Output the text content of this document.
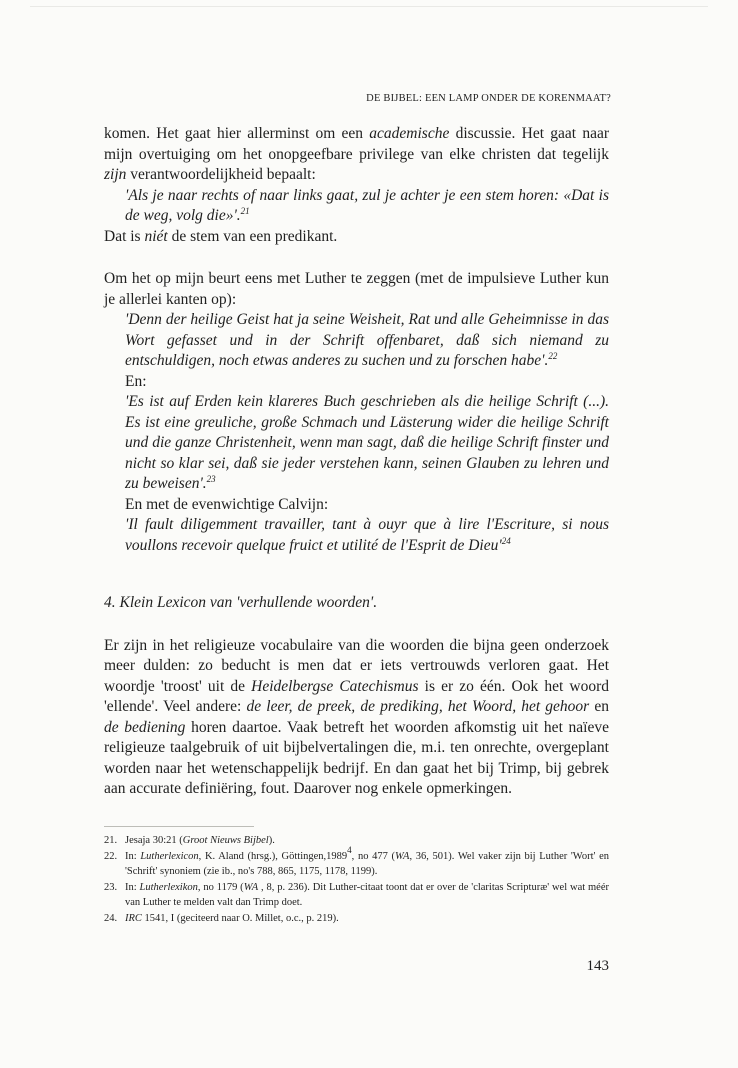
DE BIJBEL: EEN LAMP ONDER DE KORENMAAT?

komen. Het gaat hier allerminst om een academische discussie. Het gaat naar mijn overtuiging om het onopgeefbare privilege van elke christen dat tegelijk zijn verantwoordelijkheid bepaalt:

'Als je naar rechts of naar links gaat, zul je achter je een stem horen: «Dat is de weg, volg die»'.$^{21}$

Dat is niét de stem van een predikant.

Om het op mijn beurt eens met Luther te zeggen (met de impulsieve Luther kun je allerlei kanten op):

'Denn der heilige Geist hat ja seine Weisheit, Rat und alle Geheimnisse in das Wort gefasset und in der Schrift offenbaret, daß sich niemand zu entschuldigen, noch etwas anderes zu suchen und zu forschen habe'.$^{22}$

En:

'Es ist auf Erden kein klareres Buch geschrieben als die heilige Schrift (...). Es ist eine greuliche, große Schmach und Lästerung wider die heilige Schrift und die ganze Christenheit, wenn man sagt, daß die heilige Schrift finster und nicht so klar sei, daß sie jeder verstehen kann, seinen Glauben zu lehren und zu beweisen'.$^{23}$

En met de evenwichtige Calvijn:

'Il fault diligemment travailler, tant à ouyr que à lire l'Escriture, si nous voullons recevoir quelque fruict et utilité de l'Esprit de $Dieu'^{24}$

4. Klein Lexicon van 'verhullende woorden'.

Er zijn in het religieuze vocabulaire van die woorden die bijna geen onderzoek meer dulden: zo beducht is men dat er iets vertrouwds verloren gaat. Het woordje 'troost' uit de Heidelbergse Catechismus is er zo één. Ook het woord 'ellende'. Veel andere: de leer, de preek, de prediking, het Woord, het gehoor en de bediening horen daartoe. Vaak betreft het woorden afkomstig uit het naïeve religieuze taalgebruik of uit bijbelvertalingen die, m.i. ten onrechte, overgeplant worden naar het wetenschappelijk bedrijf. En dan gaat het bij Trimp, bij gebrek aan accurate definiëring, fout. Daarover nog enkele opmerkingen.

21. Jesaja 30:21 (Groot Nieuws Bijbel).
22. In: Lutherlexicon, K. Aland (hrsg.), Göttingen,1989$^4$, no 477 (WA, 36, 501). Wel vaker zijn bij Luther 'Wort' en 'Schrift' synoniem (zie ib., no's 788, 865, 1175, 1178, 1199).
23. In: Lutherlexikon, no 1179 (WA , 8, p. 236). Dit Luther-citaat toont dat er over de 'claritas Scripturæ' wel wat méér van Luther te melden valt dan Trimp doet.
24. IRC 1541, I (geciteerd naar O. Millet, o.c., p. 219).
143
